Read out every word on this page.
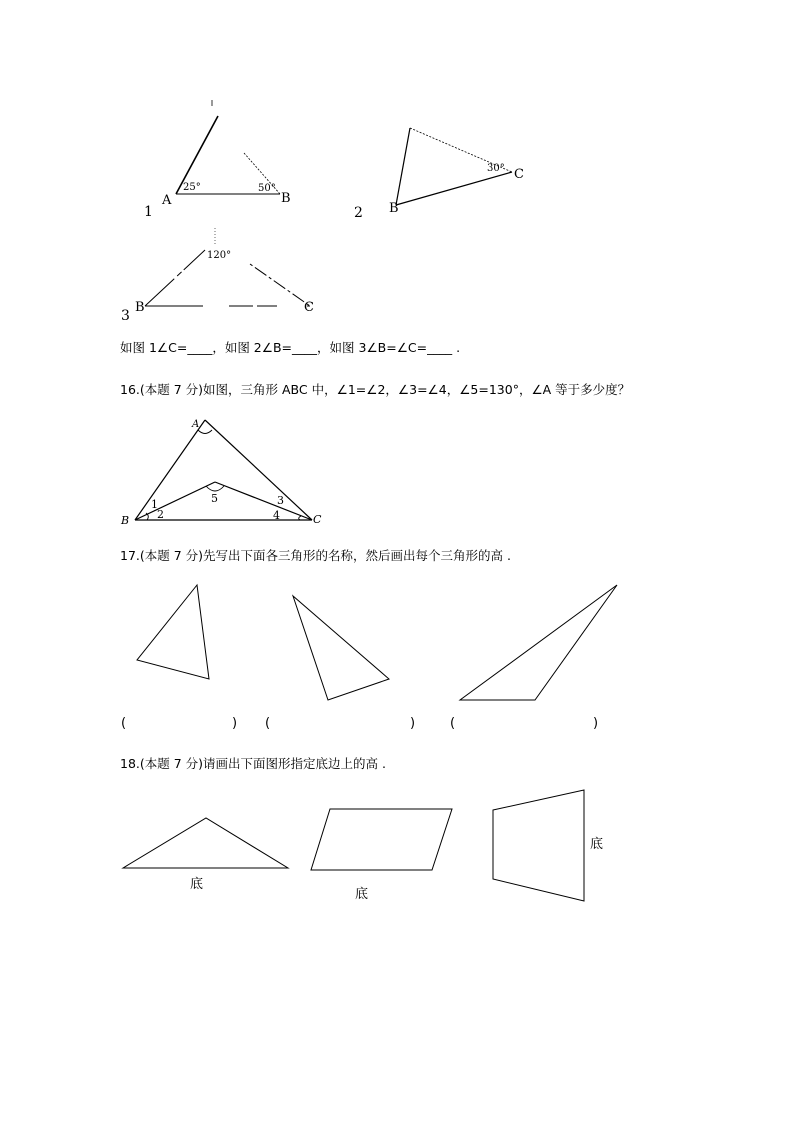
1
A	B
25°	50°
2 B
C
30°
3
B	C
120°
如图 1∠C=____，如图 2∠B=____，如图 3∠B=∠C=____ .
16.(本题 7 分)如图，三角形 ABC 中，∠1=∠2，∠3=∠4，∠5=130°，∠A 等于多少度？
A
B	C
1
2
3
4
5
17.(本题 7 分)先写出下面各三角形的名称，然后画出每个三角形的高 .
(	) (	)	(	)
18.(本题 7 分)请画出下面图形指定底边上的高 .
底
底
底
